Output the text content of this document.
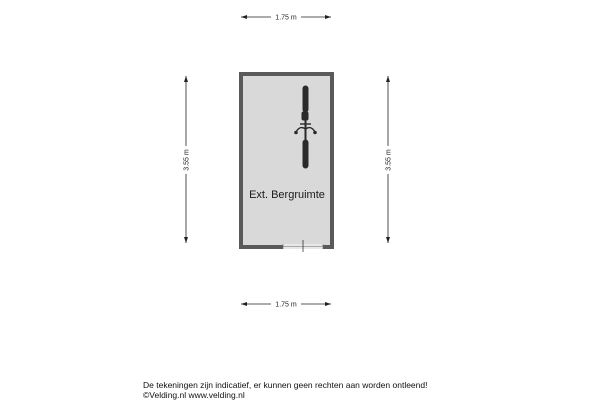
1.75 m
1.75 m
3.55 m	3.55 m
Ext. Bergruimte
De tekeningen zijn indicatief, er kunnen geen rechten aan worden ontleend!
©Velding.nl www.velding.nl
